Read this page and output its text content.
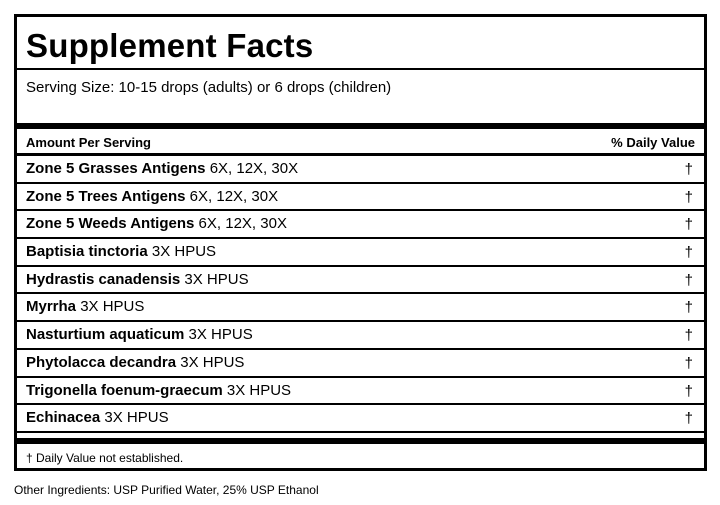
Supplement Facts
Serving Size: 10-15 drops (adults) or 6 drops (children)
Amount Per Serving	% Daily Value
Zone 5 Grasses Antigens 6X, 12X, 30X	†
Zone 5 Trees Antigens 6X, 12X, 30X	†
Zone 5 Weeds Antigens 6X, 12X, 30X	†
Baptisia tinctoria 3X HPUS	†
Hydrastis canadensis 3X HPUS	†
Myrrha 3X HPUS	†
Nasturtium aquaticum 3X HPUS	†
Phytolacca decandra 3X HPUS	†
Trigonella foenum-graecum 3X HPUS	†
Echinacea 3X HPUS	†
† Daily Value not established.
Other Ingredients: USP Purified Water, 25% USP Ethanol
